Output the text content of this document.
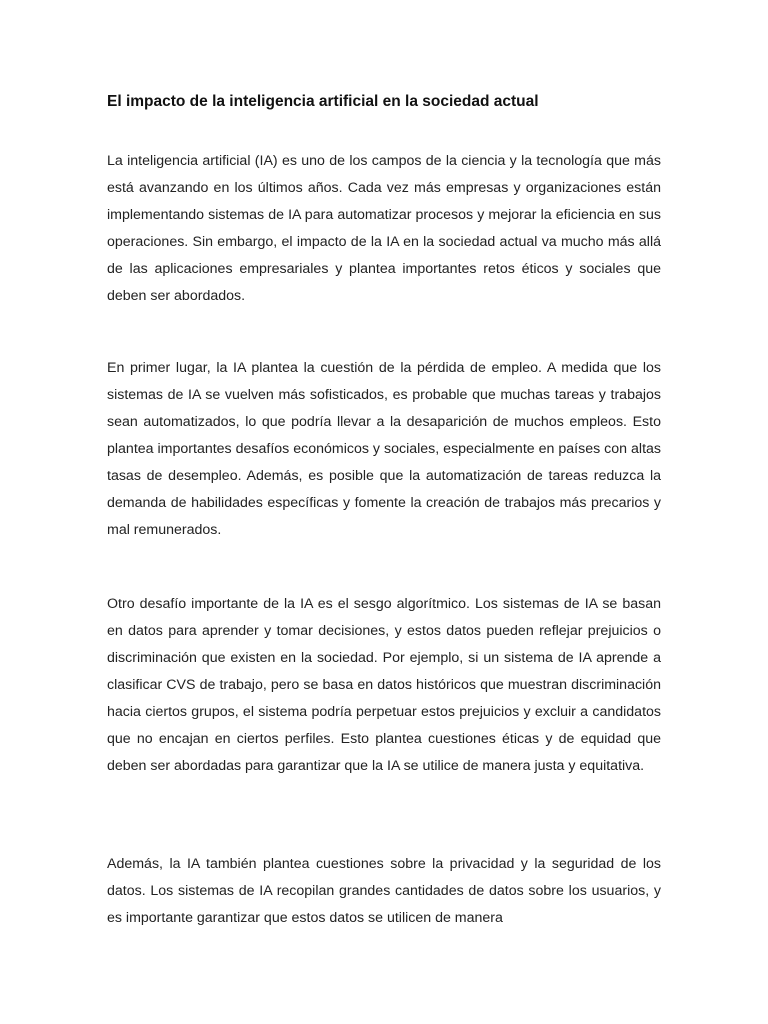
El impacto de la inteligencia artificial en la sociedad actual

La inteligencia artificial (IA) es uno de los campos de la ciencia y la tecnología que más está avanzando en los últimos años. Cada vez más empresas y organizaciones están implementando sistemas de IA para automatizar procesos y mejorar la eficiencia en sus operaciones. Sin embargo, el impacto de la IA en la sociedad actual va mucho más allá de las aplicaciones empresariales y plantea importantes retos éticos y sociales que deben ser abordados.

En primer lugar, la IA plantea la cuestión de la pérdida de empleo. A medida que los sistemas de IA se vuelven más sofisticados, es probable que muchas tareas y trabajos sean automatizados, lo que podría llevar a la desaparición de muchos empleos. Esto plantea importantes desafíos económicos y sociales, especialmente en países con altas tasas de desempleo. Además, es posible que la automatización de tareas reduzca la demanda de habilidades específicas y fomente la creación de trabajos más precarios y mal remunerados.

Otro desafío importante de la IA es el sesgo algorítmico. Los sistemas de IA se basan en datos para aprender y tomar decisiones, y estos datos pueden reflejar prejuicios o discriminación que existen en la sociedad. Por ejemplo, si un sistema de IA aprende a clasificar CVS de trabajo, pero se basa en datos históricos que muestran discriminación hacia ciertos grupos, el sistema podría perpetuar estos prejuicios y excluir a candidatos que no encajan en ciertos perfiles. Esto plantea cuestiones éticas y de equidad que deben ser abordadas para garantizar que la IA se utilice de manera justa y equitativa.

Además, la IA también plantea cuestiones sobre la privacidad y la seguridad de los datos. Los sistemas de IA recopilan grandes cantidades de datos sobre los usuarios, y es importante garantizar que estos datos se utilicen de manera
